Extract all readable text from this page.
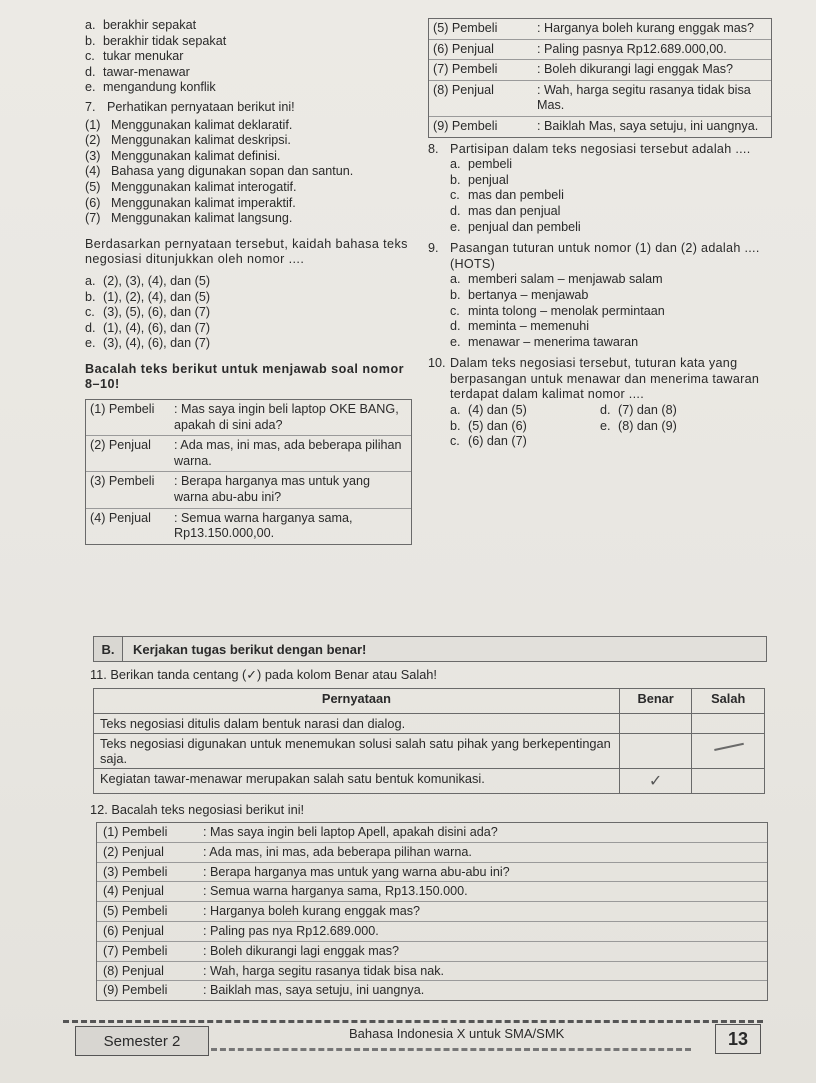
a. berakhir sepakat
b. berakhir tidak sepakat
c. tukar menukar
d. tawar-menawar
e. mengandung konflik
7. Perhatikan pernyataan berikut ini!
(1) Menggunakan kalimat deklaratif.
(2) Menggunakan kalimat deskripsi.
(3) Menggunakan kalimat definisi.
(4) Bahasa yang digunakan sopan dan santun.
(5) Menggunakan kalimat interogatif.
(6) Menggunakan kalimat imperaktif.
(7) Menggunakan kalimat langsung.
Berdasarkan pernyataan tersebut, kaidah bahasa teks negosiasi ditunjukkan oleh nomor ....
a. (2), (3), (4), dan (5)
b. (1), (2), (4), dan (5)
c. (3), (5), (6), dan (7)
d. (1), (4), (6), dan (7)
e. (3), (4), (6), dan (7)
Bacalah teks berikut untuk menjawab soal nomor 8–10!
(1) Pembeli	: Mas saya ingin beli laptop OKE BANG, apakah di sini ada?
(2) Penjual	: Ada mas, ini mas, ada beberapa pilihan warna.
(3) Pembeli	: Berapa harganya mas untuk yang warna abu-abu ini?
(4) Penjual	: Semua warna harganya sama, Rp13.150.000,00.
(5) Pembeli	: Harganya boleh kurang enggak mas?
(6) Penjual	: Paling pasnya Rp12.689.000,00.
(7) Pembeli	: Boleh dikurangi lagi enggak Mas?
(8) Penjual	: Wah, harga segitu rasanya tidak bisa Mas.
(9) Pembeli	: Baiklah Mas, saya setuju, ini uangnya.
8. Partisipan dalam teks negosiasi tersebut adalah ....
a. pembeli
b. penjual
c. mas dan pembeli
d. mas dan penjual
e. penjual dan pembeli
9. Pasangan tuturan untuk nomor (1) dan (2) adalah .... (HOTS)
a. memberi salam – menjawab salam
b. bertanya – menjawab
c. minta tolong – menolak permintaan
d. meminta – memenuhi
e. menawar – menerima tawaran
10. Dalam teks negosiasi tersebut, tuturan kata yang berpasangan untuk menawar dan menerima tawaran terdapat dalam kalimat nomor ....
a. (4) dan (5)	d. (7) dan (8)
b. (5) dan (6)	e. (8) dan (9)
c. (6) dan (7)
B.	Kerjakan tugas berikut dengan benar!
11. Berikan tanda centang (✓) pada kolom Benar atau Salah!
Pernyataan	Benar	Salah
Teks negosiasi ditulis dalam bentuk narasi dan dialog.		
Teks negosiasi digunakan untuk menemukan solusi salah satu pihak yang berkepentingan saja.		
Kegiatan tawar-menawar merupakan salah satu bentuk komunikasi.	✓	
12. Bacalah teks negosiasi berikut ini!
(1) Pembeli	: Mas saya ingin beli laptop Apell, apakah disini ada?
(2) Penjual	: Ada mas, ini mas, ada beberapa pilihan warna.
(3) Pembeli	: Berapa harganya mas untuk yang warna abu-abu ini?
(4) Penjual	: Semua warna harganya sama, Rp13.150.000.
(5) Pembeli	: Harganya boleh kurang enggak mas?
(6) Penjual	: Paling pas nya Rp12.689.000.
(7) Pembeli	: Boleh dikurangi lagi enggak mas?
(8) Penjual	: Wah, harga segitu rasanya tidak bisa nak.
(9) Pembeli	: Baiklah mas, saya setuju, ini uangnya.
Semester 2	Bahasa Indonesia X untuk SMA/SMK	13
